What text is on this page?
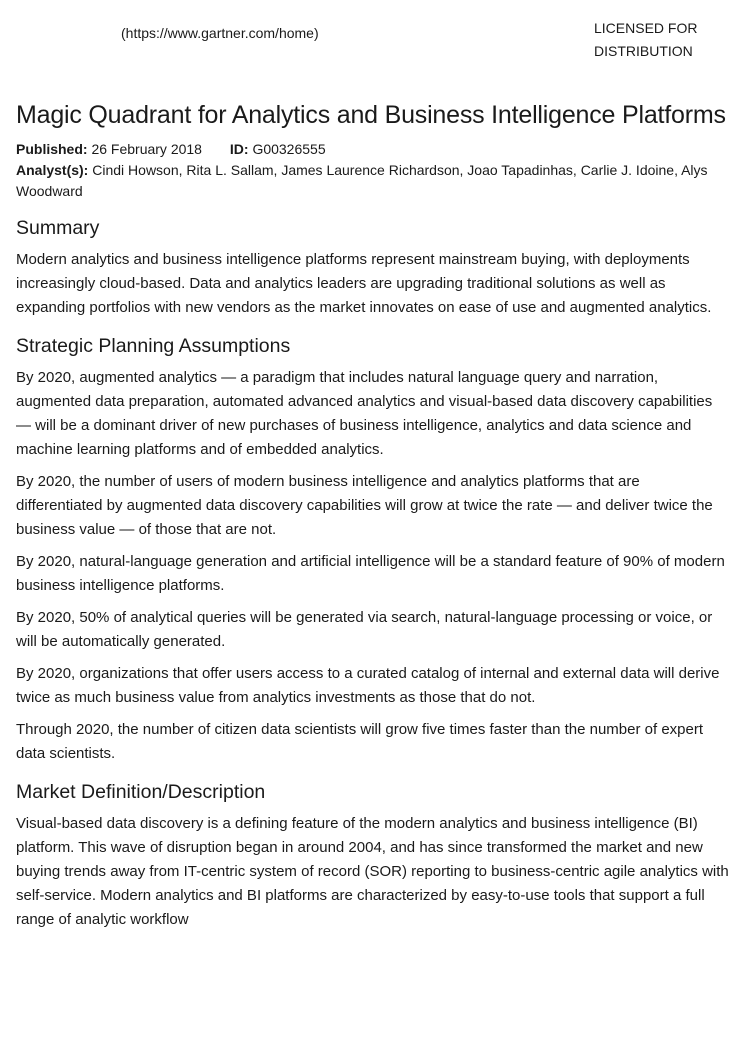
(https://www.gartner.com/home)	LICENSED FOR
DISTRIBUTION
Magic Quadrant for Analytics and Business Intelligence Platforms
Published: 26 February 2018 ID: G00326555
Analyst(s): Cindi Howson, Rita L. Sallam, James Laurence Richardson, Joao Tapadinhas, Carlie J. Idoine, Alys Woodward
Summary

Modern analytics and business intelligence platforms represent mainstream buying, with deployments increasingly cloud-based. Data and analytics leaders are upgrading traditional solutions as well as expanding portfolios with new vendors as the market innovates on ease of use and augmented analytics.

Strategic Planning Assumptions

By 2020, augmented analytics — a paradigm that includes natural language query and narration, augmented data preparation, automated advanced analytics and visual-based data discovery capabilities — will be a dominant driver of new purchases of business intelligence, analytics and data science and machine learning platforms and of embedded analytics.

By 2020, the number of users of modern business intelligence and analytics platforms that are differentiated by augmented data discovery capabilities will grow at twice the rate — and deliver twice the business value — of those that are not.

By 2020, natural-language generation and artificial intelligence will be a standard feature of 90% of modern business intelligence platforms.

By 2020, 50% of analytical queries will be generated via search, natural-language processing or voice, or will be automatically generated.

By 2020, organizations that offer users access to a curated catalog of internal and external data will derive twice as much business value from analytics investments as those that do not.

Through 2020, the number of citizen data scientists will grow five times faster than the number of expert data scientists.

Market Definition/Description

Visual-based data discovery is a defining feature of the modern analytics and business intelligence (BI) platform. This wave of disruption began in around 2004, and has since transformed the market and new buying trends away from IT-centric system of record (SOR) reporting to business-centric agile analytics with self-service. Modern analytics and BI platforms are characterized by easy-to-use tools that support a full range of analytic workflow
